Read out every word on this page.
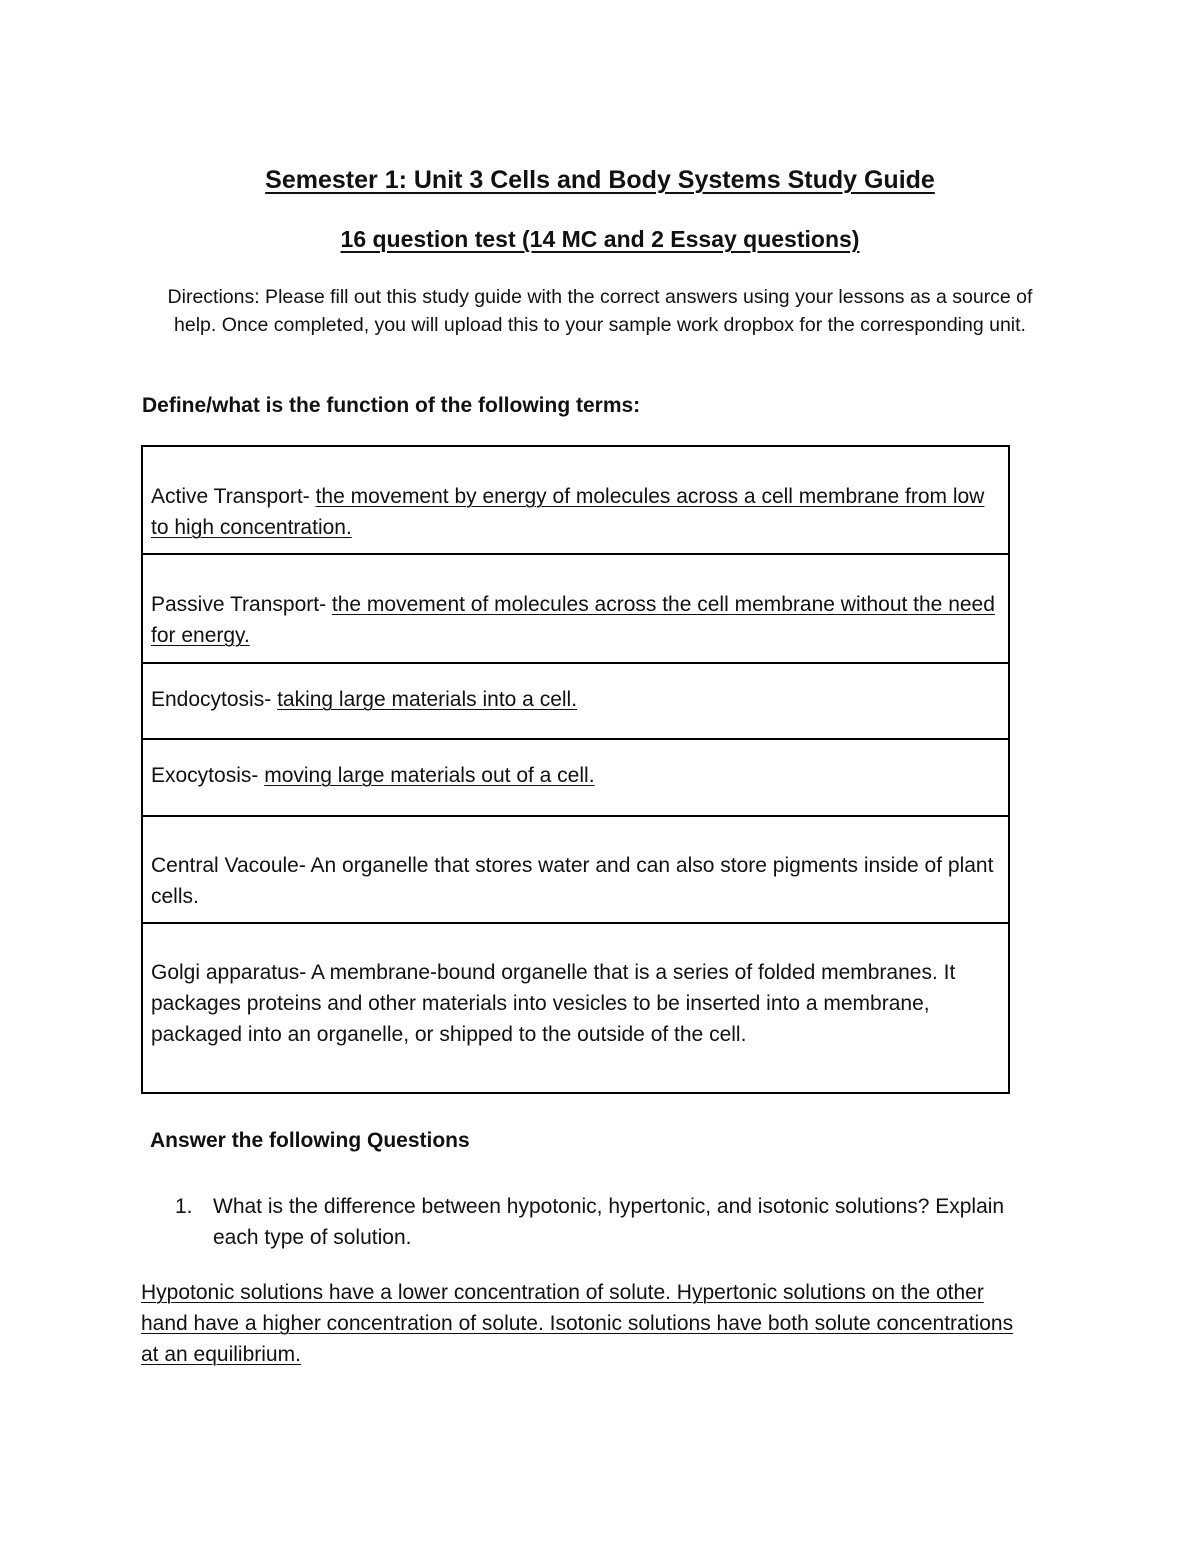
Semester 1: Unit 3 Cells and Body Systems Study Guide
16 question test (14 MC and 2 Essay questions)
Directions: Please fill out this study guide with the correct answers using your lessons as a source of help. Once completed, you will upload this to your sample work dropbox for the corresponding unit.
Define/what is the function of the following terms:
Active Transport- the movement by energy of molecules across a cell membrane from low to high concentration.
Passive Transport- the movement of molecules across the cell membrane without the need for energy.
Endocytosis- taking large materials into a cell.
Exocytosis- moving large materials out of a cell.
Central Vacoule- An organelle that stores water and can also store pigments inside of plant cells.
Golgi apparatus- A membrane-bound organelle that is a series of folded membranes. It packages proteins and other materials into vesicles to be inserted into a membrane, packaged into an organelle, or shipped to the outside of the cell.
Answer the following Questions
1. What is the difference between hypotonic, hypertonic, and isotonic solutions? Explain each type of solution.
Hypotonic solutions have a lower concentration of solute. Hypertonic solutions on the other hand have a higher concentration of solute. Isotonic solutions have both solute concentrations at an equilibrium.
